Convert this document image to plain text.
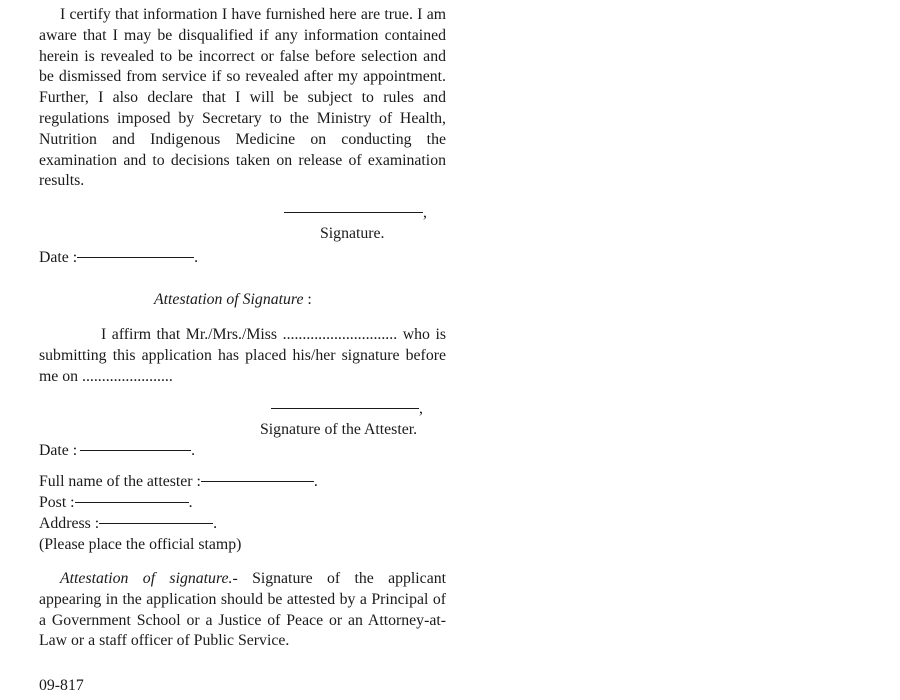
I certify that information I have furnished here are true. I am aware that I may be disqualified if any information contained herein is revealed to be incorrect or false before selection and be dismissed from service if so revealed after my appointment. Further, I also declare that I will be subject to rules and regulations imposed by Secretary to the Ministry of Health, Nutrition and Indigenous Medicine on conducting the examination and to decisions taken on release of examination results.

,
Signature.
Date :	.
Attestation of Signature :

I affirm that Mr./Mrs./Miss ............................. who is submitting this application has placed his/her signature before me on .......................

,
Signature of the Attester.
Date :	.
Full name of the attester :	.
Post :	.
Address :	.
(Please place the official stamp)

Attestation of signature.- Signature of the applicant appearing in the application should be attested by a Principal of a Government School or a Justice of Peace or an Attorney-at-Law or a staff officer of Public Service.

09-817
